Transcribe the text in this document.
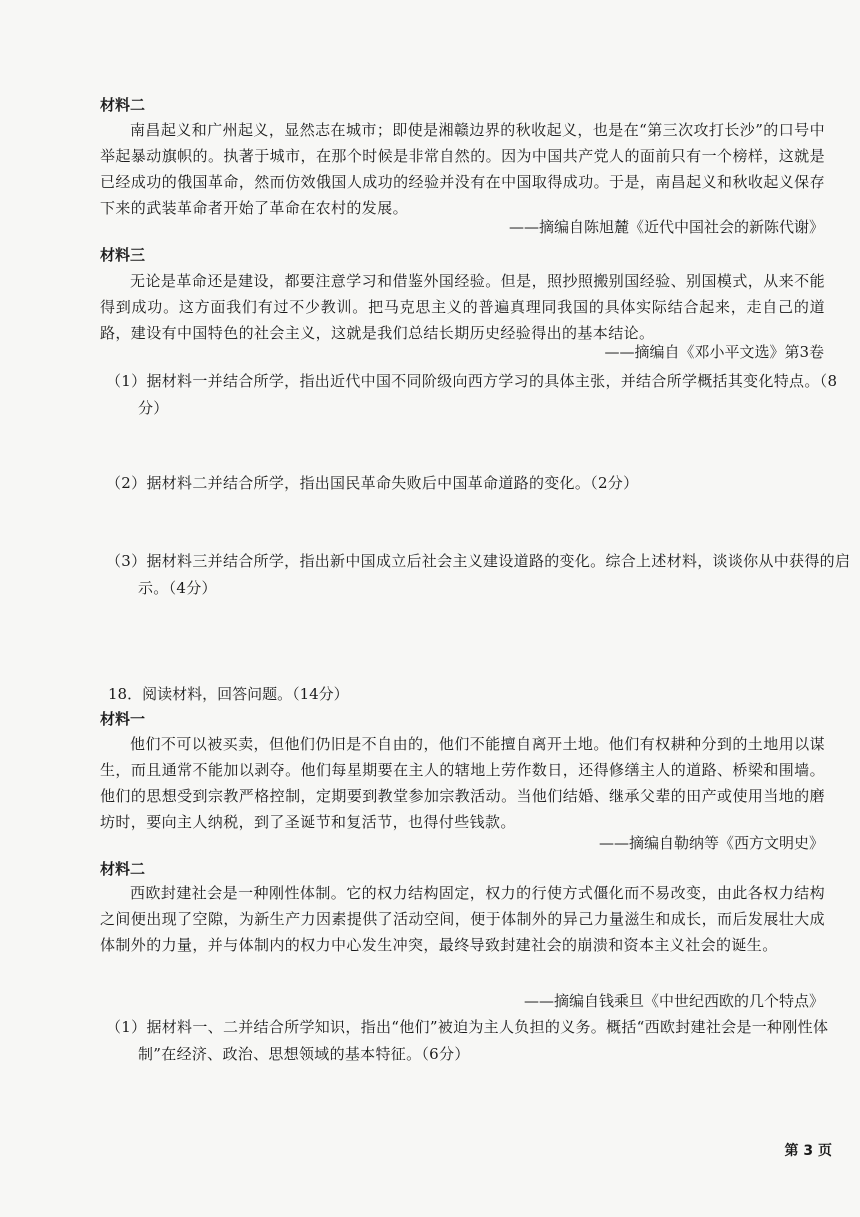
材料二
南昌起义和广州起义，显然志在城市；即使是湘赣边界的秋收起义，也是在“第三次攻打长沙”的口号中举起暴动旗帜的。执著于城市，在那个时候是非常自然的。因为中国共产党人的面前只有一个榜样，这就是已经成功的俄国革命，然而仿效俄国人成功的经验并没有在中国取得成功。于是，南昌起义和秋收起义保存下来的武装革命者开始了革命在农村的发展。
——摘编自陈旭麓《近代中国社会的新陈代谢》
材料三
无论是革命还是建设，都要注意学习和借鉴外国经验。但是，照抄照搬别国经验、别国模式，从来不能得到成功。这方面我们有过不少教训。把马克思主义的普遍真理同我国的具体实际结合起来，走自己的道路，建设有中国特色的社会主义，这就是我们总结长期历史经验得出的基本结论。
——摘编自《邓小平文选》第3卷
（1）据材料一并结合所学，指出近代中国不同阶级向西方学习的具体主张，并结合所学概括其变化特点。（8分）
（2）据材料二并结合所学，指出国民革命失败后中国革命道路的变化。（2分）
（3）据材料三并结合所学，指出新中国成立后社会主义建设道路的变化。综合上述材料，谈谈你从中获得的启示。（4分）
18．阅读材料，回答问题。（14分）
材料一
他们不可以被买卖，但他们仍旧是不自由的，他们不能擅自离开土地。他们有权耕种分到的土地用以谋生，而且通常不能加以剥夺。他们每星期要在主人的辖地上劳作数日，还得修缮主人的道路、桥梁和围墙。他们的思想受到宗教严格控制，定期要到教堂参加宗教活动。当他们结婚、继承父辈的田产或使用当地的磨坊时，要向主人纳税，到了圣诞节和复活节，也得付些钱款。
——摘编自勒纳等《西方文明史》
材料二
西欧封建社会是一种刚性体制。它的权力结构固定，权力的行使方式僵化而不易改变，由此各权力结构之间便出现了空隙，为新生产力因素提供了活动空间，便于体制外的异己力量滋生和成长，而后发展壮大成体制外的力量，并与体制内的权力中心发生冲突，最终导致封建社会的崩溃和资本主义社会的诞生。
——摘编自钱乘旦《中世纪西欧的几个特点》
（1）据材料一、二并结合所学知识，指出“他们”被迫为主人负担的义务。概括“西欧封建社会是一种刚性体制”在经济、政治、思想领域的基本特征。（6分）
第 3 页
